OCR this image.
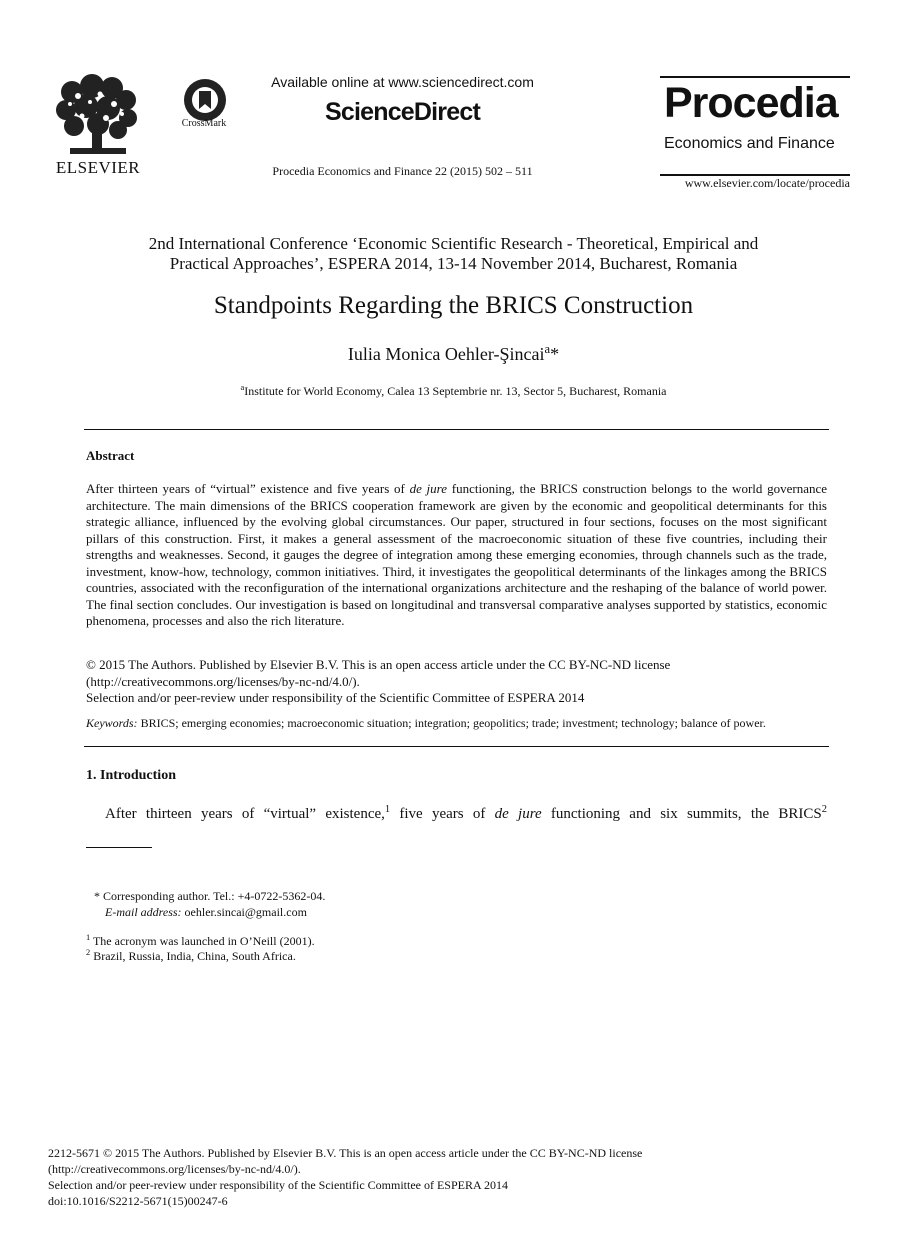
ELSEVIER
CrossMark
Available online at www.sciencedirect.com
ScienceDirect
Procedia Economics and Finance 22 (2015) 502 – 511
Procedia
Economics and Finance
www.elsevier.com/locate/procedia
2nd International Conference ‘Economic Scientific Research - Theoretical, Empirical and
Practical Approaches’, ESPERA 2014, 13-14 November 2014, Bucharest, Romania
Standpoints Regarding the BRICS Construction
Iulia Monica Oehler-Şincai$^a$*
$^a$Institute for World Economy, Calea 13 Septembrie nr. 13, Sector 5, Bucharest, Romania
Abstract
After thirteen years of “virtual” existence and five years of de jure functioning, the BRICS construction belongs to the world governance architecture. The main dimensions of the BRICS cooperation framework are given by the economic and geopolitical determinants for this strategic alliance, influenced by the evolving global circumstances. Our paper, structured in four sections, focuses on the most significant pillars of this construction. First, it makes a general assessment of the macroeconomic situation of these five countries, including their strengths and weaknesses. Second, it gauges the degree of integration among these emerging economies, through channels such as the trade, investment, know-how, technology, common initiatives. Third, it investigates the geopolitical determinants of the linkages among the BRICS countries, associated with the reconfiguration of the international organizations architecture and the reshaping of the balance of world power. The final section concludes. Our investigation is based on longitudinal and transversal comparative analyses supported by statistics, economic phenomena, processes and also the rich literature.
© 2015 The Authors. Published by Elsevier B.V. This is an open access article under the CC BY-NC-ND license
(http://creativecommons.org/licenses/by-nc-nd/4.0/).
Selection and/or peer-review under responsibility of the Scientific Committee of ESPERA 2014
Keywords: BRICS; emerging economies; macroeconomic situation; integration; geopolitics; trade; investment; technology; balance of power.
1. Introduction
After thirteen years of “virtual” existence,$^1$ five years of de jure functioning and six summits, the BRICS$^2$
* Corresponding author. Tel.: +4-0722-5362-04.
E-mail address: oehler.sincai@gmail.com
$^1$ The acronym was launched in O’Neill (2001).
$^2$ Brazil, Russia, India, China, South Africa.
2212-5671 © 2015 The Authors. Published by Elsevier B.V. This is an open access article under the CC BY-NC-ND license
(http://creativecommons.org/licenses/by-nc-nd/4.0/).
Selection and/or peer-review under responsibility of the Scientific Committee of ESPERA 2014
doi:10.1016/S2212-5671(15)00247-6
